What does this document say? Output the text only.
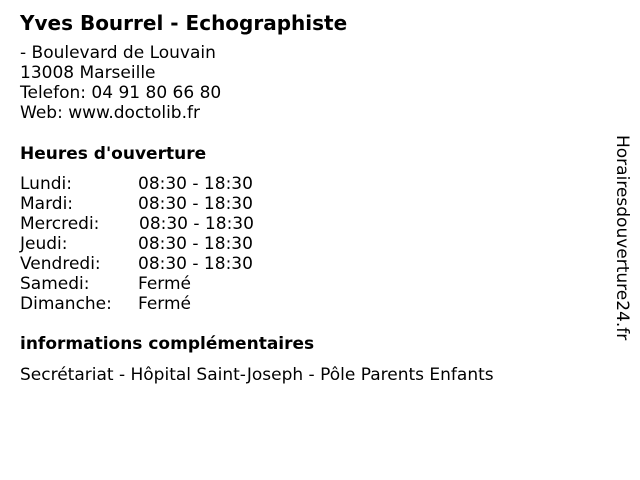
Yves Bourrel - Echographiste
- Boulevard de Louvain
13008 Marseille
Telefon: 04 91 80 66 80
Web: www.doctolib.fr
Heures d'ouverture
Lundi:	08:30 - 18:30
Mardi:	08:30 - 18:30
Mercredi: 08:30 - 18:30
Jeudi:	08:30 - 18:30
Vendredi: 08:30 - 18:30
Samedi:	Fermé
Dimanche: Fermé
informations complémentaires
Secrétariat - Hôpital Saint-Joseph - Pôle Parents Enfants
Horairesdouverture24.fr
